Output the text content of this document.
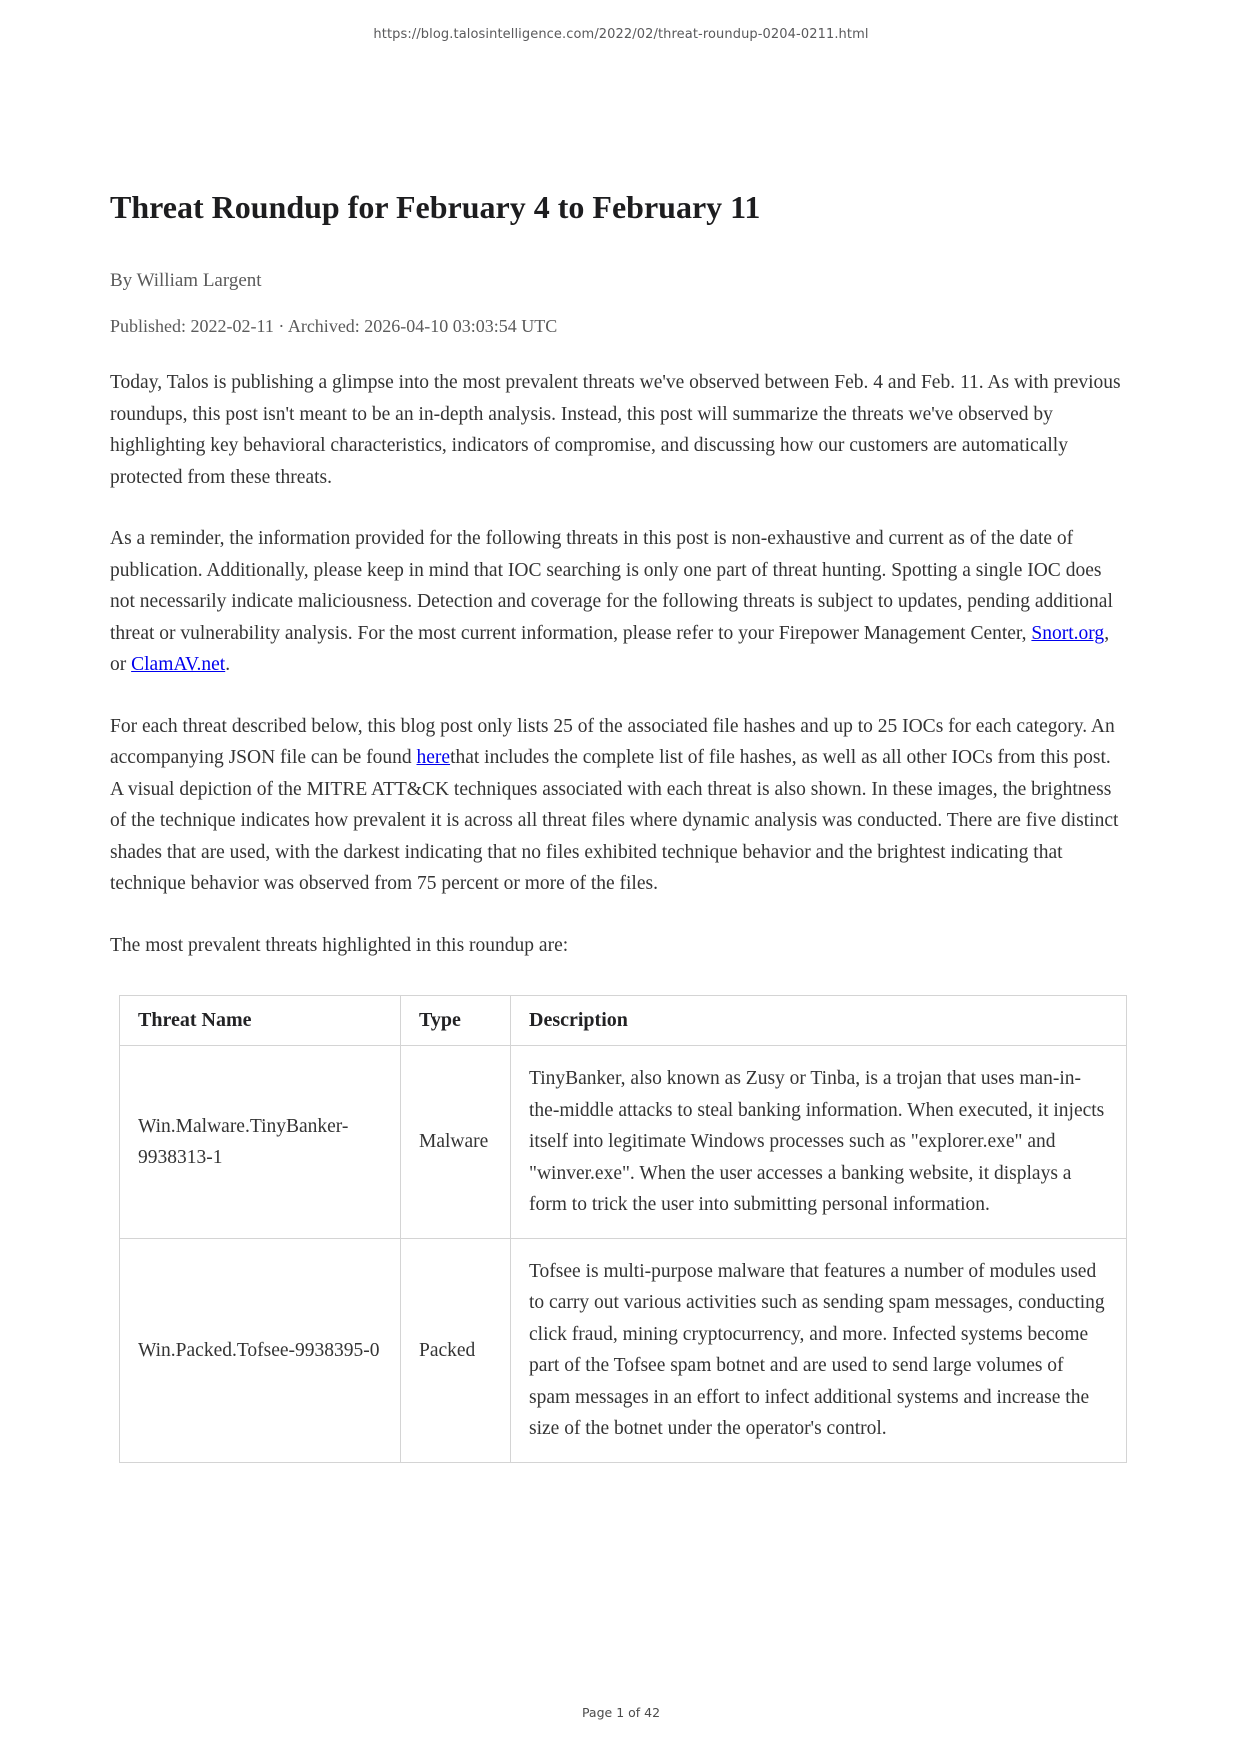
https://blog.talosintelligence.com/2022/02/threat-roundup-0204-0211.html
Threat Roundup for February 4 to February 11

By William Largent

Published: 2022-02-11 · Archived: 2026-04-10 03:03:54 UTC

Today, Talos is publishing a glimpse into the most prevalent threats we've observed between Feb. 4 and Feb. 11. As with previous roundups, this post isn't meant to be an in-depth analysis. Instead, this post will summarize the threats we've observed by highlighting key behavioral characteristics, indicators of compromise, and discussing how our customers are automatically protected from these threats.

As a reminder, the information provided for the following threats in this post is non-exhaustive and current as of the date of publication. Additionally, please keep in mind that IOC searching is only one part of threat hunting. Spotting a single IOC does not necessarily indicate maliciousness. Detection and coverage for the following threats is subject to updates, pending additional threat or vulnerability analysis. For the most current information, please refer to your Firepower Management Center, Snort.org, or ClamAV.net.

For each threat described below, this blog post only lists 25 of the associated file hashes and up to 25 IOCs for each category. An accompanying JSON file can be found herethat includes the complete list of file hashes, as well as all other IOCs from this post. A visual depiction of the MITRE ATT&CK techniques associated with each threat is also shown. In these images, the brightness of the technique indicates how prevalent it is across all threat files where dynamic analysis was conducted. There are five distinct shades that are used, with the darkest indicating that no files exhibited technique behavior and the brightest indicating that technique behavior was observed from 75 percent or more of the files.

The most prevalent threats highlighted in this roundup are:

Threat Name	Type	Description
Win.Malware.TinyBanker-9938313-1	Malware	TinyBanker, also known as Zusy or Tinba, is a trojan that uses man-in-the-middle attacks to steal banking information. When executed, it injects itself into legitimate Windows processes such as "explorer.exe" and "winver.exe". When the user accesses a banking website, it displays a form to trick the user into submitting personal information.
Win.Packed.Tofsee-9938395-0	Packed	Tofsee is multi-purpose malware that features a number of modules used to carry out various activities such as sending spam messages, conducting click fraud, mining cryptocurrency, and more. Infected systems become part of the Tofsee spam botnet and are used to send large volumes of spam messages in an effort to infect additional systems and increase the size of the botnet under the operator's control.
Page 1 of 42
